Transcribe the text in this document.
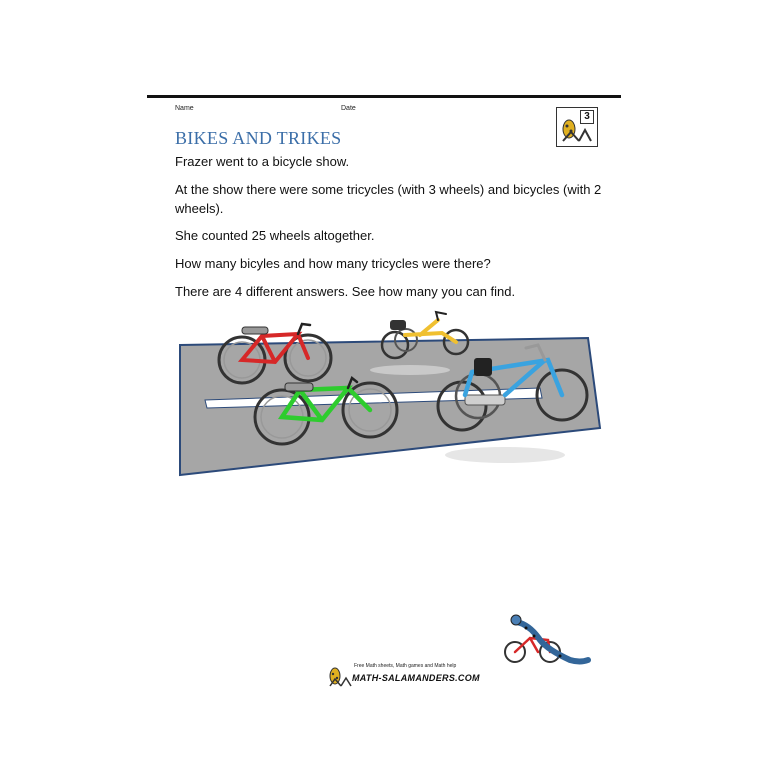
Name	Date
3
BIKES AND TRIKES
Frazer went to a bicycle show.
At the show there were some tricycles (with 3 wheels) and bicycles (with 2 wheels).
She counted 25 wheels altogether.
How many bicyles and how many tricycles were there?
There are 4 different answers. See how many you can find.
Free Math sheets, Math games and Math help
MATH-SALAMANDERS.COM
